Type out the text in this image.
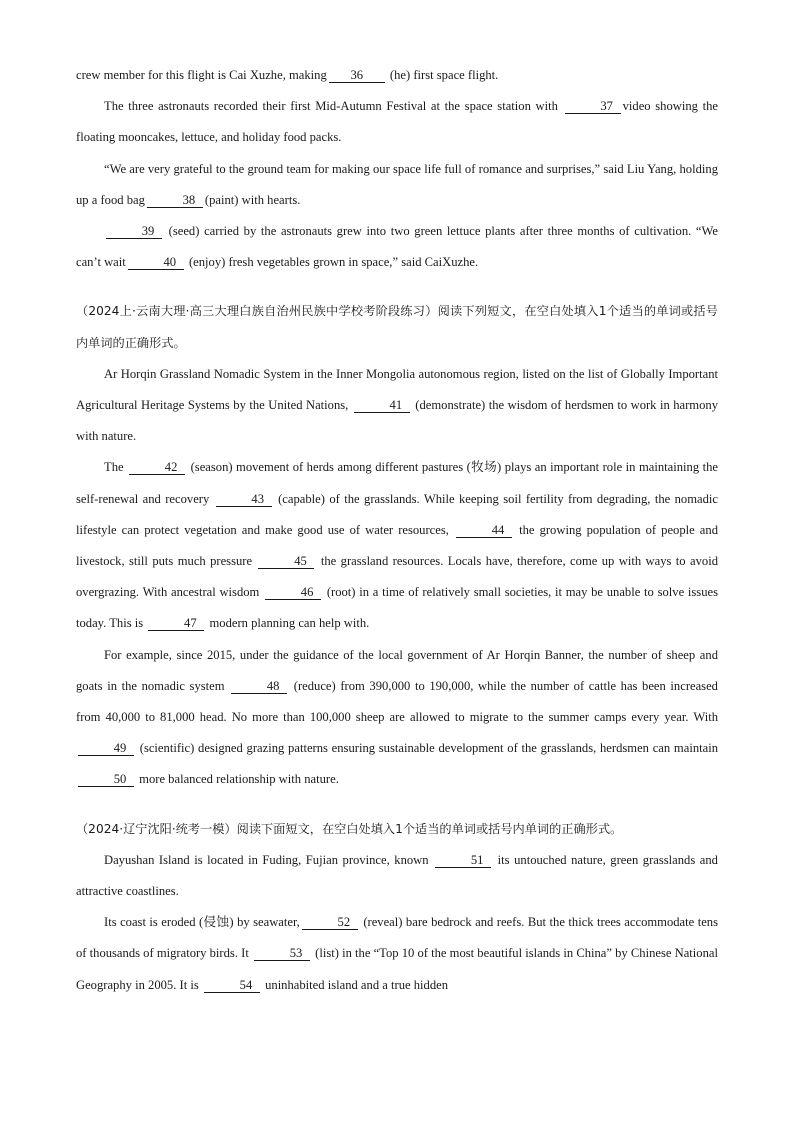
crew member for this flight is Cai Xuzhe, making 36 (he) first space flight.

The three astronauts recorded their first Mid-Autumn Festival at the space station with	37 video showing the floating mooncakes, lettuce, and holiday food packs.

“We are very grateful to the ground team for making our space life full of romance and surprises,” said Liu Yang, holding up a food bag	38 (paint) with hearts.

39 (seed) carried by the astronauts grew into two green lettuce plants after three months of cultivation. “We can’t wait	40 (enjoy) fresh vegetables grown in space,” said CaiXuzhe.

（2024上·云南大理·高三大理白族自治州民族中学校考阶段练习）阅读下列短文，在空白处填入1个适当的单词或括号内单词的正确形式。

Ar Horqin Grassland Nomadic System in the Inner Mongolia autonomous region, listed on the list of Globally Important Agricultural Heritage Systems by the United Nations,	41 (demonstrate) the wisdom of herdsmen to work in harmony with nature.

The	42 (season) movement of herds among different pastures (牧场) plays an important role in maintaining the self-renewal and recovery	43 (capable) of the grasslands. While keeping soil fertility from degrading, the nomadic lifestyle can protect vegetation and make good use of water resources,	44 the growing population of people and livestock, still puts much pressure	45 the grassland resources. Locals have, therefore, come up with ways to avoid overgrazing. With ancestral wisdom	46 (root) in a time of relatively small societies, it may be unable to solve issues today. This is	47 modern planning can help with.

For example, since 2015, under the guidance of the local government of Ar Horqin Banner, the number of sheep and goats in the nomadic system	48 (reduce) from 390,000 to 190,000, while the number of cattle has been increased from 40,000 to 81,000 head. No more than 100,000 sheep are allowed to migrate to the summer camps every year. With 49 (scientific) designed grazing patterns ensuring sustainable development of the grasslands, herdsmen can maintain 50 more balanced relationship with nature.

（2024·辽宁沈阳·统考一模）阅读下面短文，在空白处填入1个适当的单词或括号内单词的正确形式。

Dayushan Island is located in Fuding, Fujian province, known	51 its untouched nature, green grasslands and attractive coastlines.

Its coast is eroded (侵蚀) by seawater,	52 (reveal) bare bedrock and reefs. But the thick trees accommodate tens of thousands of migratory birds. It	53 (list) in the “Top 10 of the most beautiful islands in China” by Chinese National Geography in 2005. It is	54 uninhabited island and a true hidden
